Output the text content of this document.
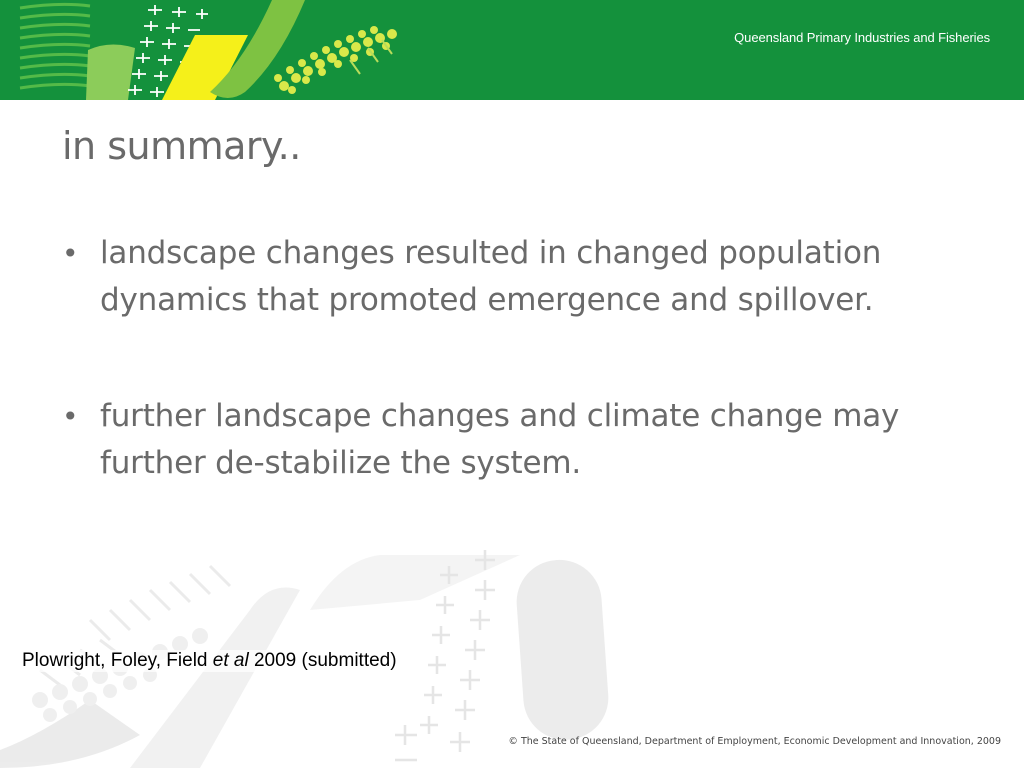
Queensland Primary Industries and Fisheries
in summary..
• landscape changes resulted in changed population dynamics that promoted emergence and spillover.
• further landscape changes and climate change may further de-stabilize the system.
Plowright, Foley, Field et al 2009 (submitted)
© The State of Queensland, Department of Employment, Economic Development and Innovation, 2009
